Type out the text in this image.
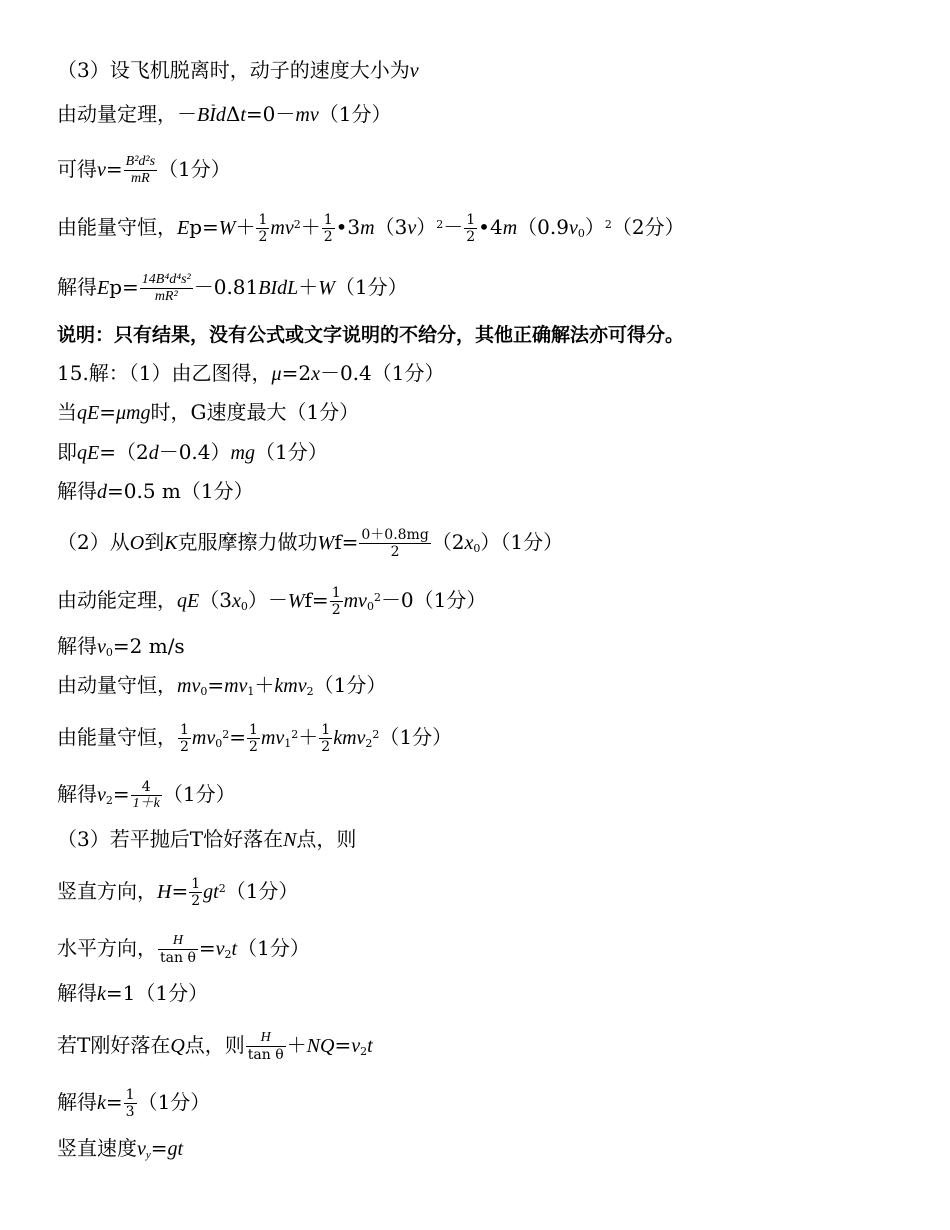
（3）设飞机脱离时，动子的速度大小为v
由动量定理，－B- IdΔt=0－mv（1分）
可得$v= \frac{\text{B²d²s}}{mR} (1$分）
由能量守恒，$Ep=W+ \frac{1}{2} mv^2+ \frac{1}{2}$ $•3m(3v)^2- \frac{1}{2}$ $•4m(0.9v_0)^2(2$分）
解得$Ep= \frac{\text{14B⁴d⁴s²}}{\text{mR²}}$ －0.81BIdL＋W（1分）
说明：只有结果，没有公式或文字说明的不给分，其他正确解法亦可得分。
15.解：（1）由乙图得，μ=2x－0.4（1分）
当qE=μmg时，G速度最大（1分）
即qE=（2d－0.4）mg（1分）
解得d=0.5 m（1分）
（2）从O到K克服摩擦力做功$Wf= \frac{0+0.8mg}{2} (2x_0)(1$分）
由动能定理，$qE(3x_0)-Wf= \frac{1}{2} mv_0^2-0(1$分）
解得$v_0=2$ m/s
由动量守恒，$mv_0=mv_1+kmv_2(1$分）
由能量守恒， $\frac{1}{2} mv_0^2= \frac{1}{2} mv_1^2+ \frac{1}{2} kmv_2^2(1$分）
解得$v_2= \frac{4}{1+k} (1$分）
（3）若平抛后T恰好落在N点，则
竖直方向，$H= \frac{1}{2} gt^2(1$分）
水平方向， $\frac{H}{\text{tan θ}} =v_2t(1$分）
解得k=1（1分）
若T刚好落在Q点，则 $\frac{H}{\text{tan θ}} +NQ=v_2t$
解得$k= \frac{1}{3} (1$分）
竖直速度$v_y=gt$
